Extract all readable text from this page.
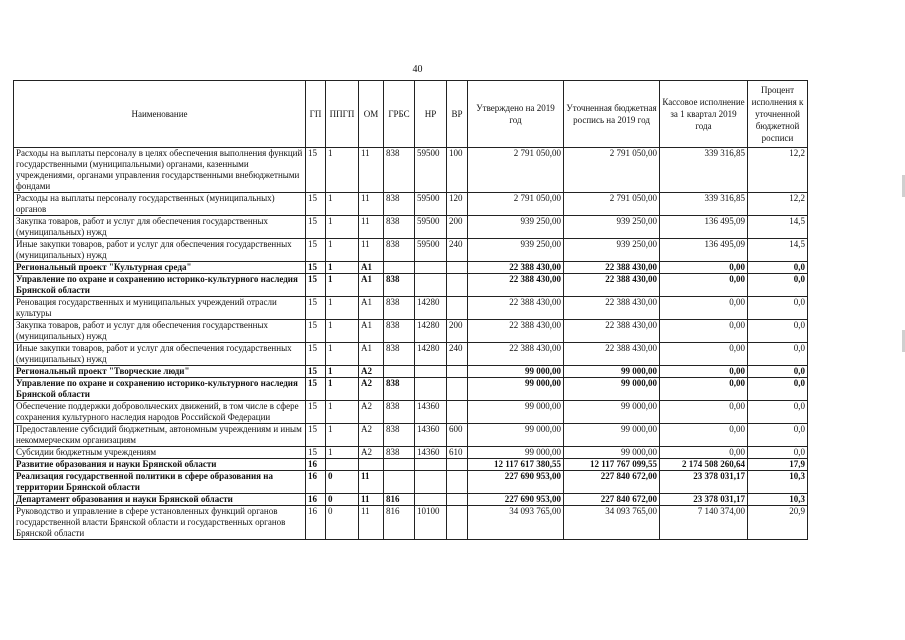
40
Наименование	ГП	ППГП	ОМ	ГРБС	НР	ВР	Утверждено на 2019 год	Уточненная бюджетная роспись на 2019 год	Кассовое исполнение за 1 квартал 2019 года	Процент исполнения к уточненной бюджетной росписи
Расходы на выплаты персоналу в целях обеспечения выполнения функций государственными (муниципальными) органами, казенными учреждениями, органами управления государственными внебюджетными фондами	15	1	11	838	59500	100	2 791 050,00	2 791 050,00	339 316,85	12,2
Расходы на выплаты персоналу государственных (муниципальных) органов	15	1	11	838	59500	120	2 791 050,00	2 791 050,00	339 316,85	12,2
Закупка товаров, работ и услуг для обеспечения государственных (муниципальных) нужд	15	1	11	838	59500	200	939 250,00	939 250,00	136 495,09	14,5
Иные закупки товаров, работ и услуг для обеспечения государственных (муниципальных) нужд	15	1	11	838	59500	240	939 250,00	939 250,00	136 495,09	14,5
Региональный проект "Культурная среда"	15	1	A1				22 388 430,00	22 388 430,00	0,00	0,0
Управление по охране и сохранению историко-культурного наследия Брянской области	15	1	A1	838			22 388 430,00	22 388 430,00	0,00	0,0
Реновация государственных и муниципальных учреждений отрасли культуры	15	1	A1	838	14280		22 388 430,00	22 388 430,00	0,00	0,0
Закупка товаров, работ и услуг для обеспечения государственных (муниципальных) нужд	15	1	A1	838	14280	200	22 388 430,00	22 388 430,00	0,00	0,0
Иные закупки товаров, работ и услуг для обеспечения государственных (муниципальных) нужд	15	1	A1	838	14280	240	22 388 430,00	22 388 430,00	0,00	0,0
Региональный проект "Творческие люди"	15	1	A2				99 000,00	99 000,00	0,00	0,0
Управление по охране и сохранению историко-культурного наследия Брянской области	15	1	A2	838			99 000,00	99 000,00	0,00	0,0
Обеспечение поддержки добровольческих движений, в том числе в сфере сохранения культурного наследия народов Российской Федерации	15	1	A2	838	14360		99 000,00	99 000,00	0,00	0,0
Предоставление субсидий бюджетным, автономным учреждениям и иным некоммерческим организациям	15	1	A2	838	14360	600	99 000,00	99 000,00	0,00	0,0
Субсидии бюджетным учреждениям	15	1	A2	838	14360	610	99 000,00	99 000,00	0,00	0,0
Развитие образования и науки Брянской области	16						12 117 617 380,55	12 117 767 099,55	2 174 508 260,64	17,9
Реализация государственной политики в сфере образования на территории Брянской области	16	0	11				227 690 953,00	227 840 672,00	23 378 031,17	10,3
Департамент образования и науки Брянской области	16	0	11	816			227 690 953,00	227 840 672,00	23 378 031,17	10,3
Руководство и управление в сфере установленных функций органов государственной власти Брянской области и государственных органов Брянской области	16	0	11	816	10100		34 093 765,00	34 093 765,00	7 140 374,00	20,9
